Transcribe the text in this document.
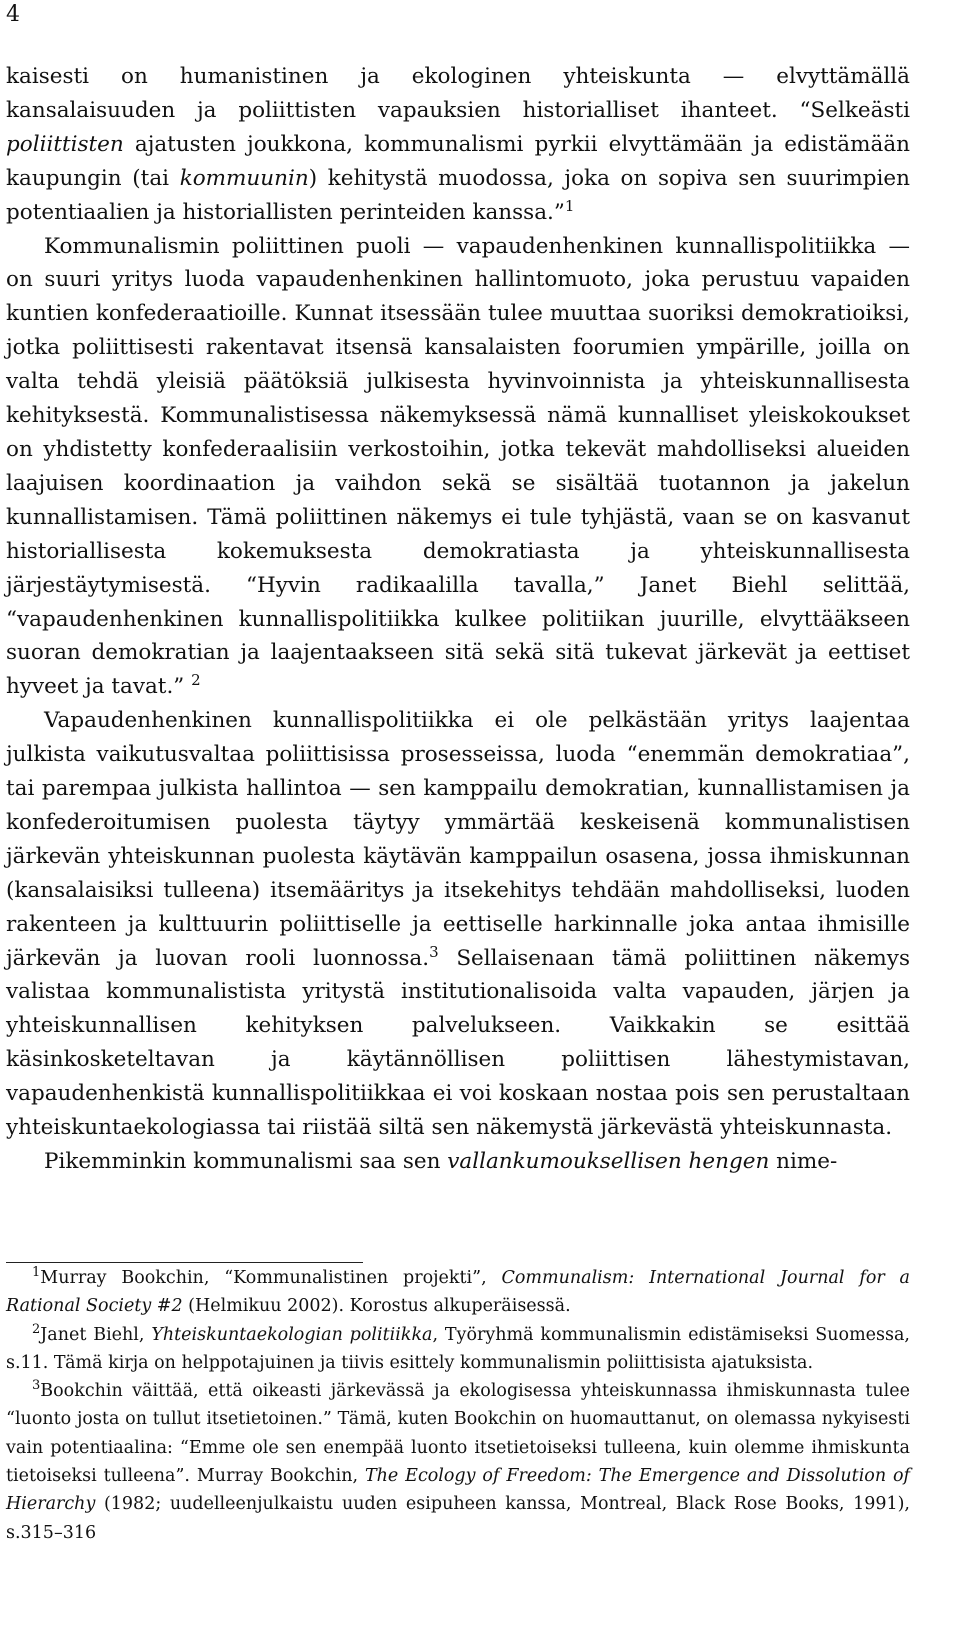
4

kaisesti on humanistinen ja ekologinen yhteiskunta — elvyttämällä kansalaisuuden ja poliittisten vapauksien historialliset ihanteet. “Selkeästi poliittisten ajatusten joukkona, kommunalismi pyrkii elvyttämään ja edistämään kaupungin (tai kommuunin) kehitystä muodossa, joka on sopiva sen suurimpien potentiaalien ja historiallisten perinteiden kanssa.”$^1$

Kommunalismin poliittinen puoli — vapaudenhenkinen kunnallispolitiikka — on suuri yritys luoda vapaudenhenkinen hallintomuoto, joka perustuu vapaiden kuntien konfederaatioille. Kunnat itsessään tulee muuttaa suoriksi demokratioiksi, jotka poliittisesti rakentavat itsensä kansalaisten foorumien ympärille, joilla on valta tehdä yleisiä päätöksiä julkisesta hyvinvoinnista ja yhteiskunnallisesta kehityksestä. Kommunalistisessa näkemyksessä nämä kunnalliset yleiskokoukset on yhdistetty konfederaalisiin verkostoihin, jotka tekevät mahdolliseksi alueiden laajuisen koordinaation ja vaihdon sekä se sisältää tuotannon ja jakelun kunnallistamisen. Tämä poliittinen näkemys ei tule tyhjästä, vaan se on kasvanut historiallisesta kokemuksesta demokratiasta ja yhteiskunnallisesta järjestäytymisestä. “Hyvin radikaalilla tavalla,” Janet Biehl selittää, “vapaudenhenkinen kunnallispolitiikka kulkee politiikan juurille, elvyttääkseen suoran demokratian ja laajentaakseen sitä sekä sitä tukevat järkevät ja eettiset hyveet ja tavat.” $^2$

Vapaudenhenkinen kunnallispolitiikka ei ole pelkästään yritys laajentaa julkista vaikutusvaltaa poliittisissa prosesseissa, luoda “enemmän demokratiaa”, tai parempaa julkista hallintoa — sen kamppailu demokratian, kunnallistamisen ja konfederoitumisen puolesta täytyy ymmärtää keskeisenä kommunalistisen järkevän yhteiskunnan puolesta käytävän kamppailun osasena, jossa ihmiskunnan (kansalaisiksi tulleena) itsemääritys ja itsekehitys tehdään mahdolliseksi, luoden rakenteen ja kulttuurin poliittiselle ja eettiselle harkinnalle joka antaa ihmisille järkevän ja luovan rooli luonnossa.$^3$ Sellaisenaan tämä poliittinen näkemys valistaa kommunalistista yritystä institutionalisoida valta vapauden, järjen ja yhteiskunnallisen kehityksen palvelukseen. Vaikkakin se esittää käsinkosketeltavan ja käytännöllisen poliittisen lähestymistavan, vapaudenhenkistä kunnallispolitiikkaa ei voi koskaan nostaa pois sen perustaltaan yhteiskuntaekologiassa tai riistää siltä sen näkemystä järkevästä yhteiskunnasta.

Pikemminkin kommunalismi saa sen vallankumouksellisen hengen nime-

$^1$Murray Bookchin, “Kommunalistinen projekti”, Communalism: International Journal for a Rational Society #2 (Helmikuu 2002). Korostus alkuperäisessä.

$^2$Janet Biehl, Yhteiskuntaekologian politiikka, Työryhmä kommunalismin edistämiseksi Suomessa, s.11. Tämä kirja on helppotajuinen ja tiivis esittely kommunalismin poliittisista ajatuksista.

$^3$Bookchin väittää, että oikeasti järkevässä ja ekologisessa yhteiskunnassa ihmiskunnasta tulee “luonto josta on tullut itsetietoinen.” Tämä, kuten Bookchin on huomauttanut, on olemassa nykyisesti vain potentiaalina: “Emme ole sen enempää luonto itsetietoiseksi tulleena, kuin olemme ihmiskunta tietoiseksi tulleena”. Murray Bookchin, The Ecology of Freedom: The Emergence and Dissolution of Hierarchy (1982; uudelleenjulkaistu uuden esipuheen kanssa, Montreal, Black Rose Books, 1991), s.315–316
